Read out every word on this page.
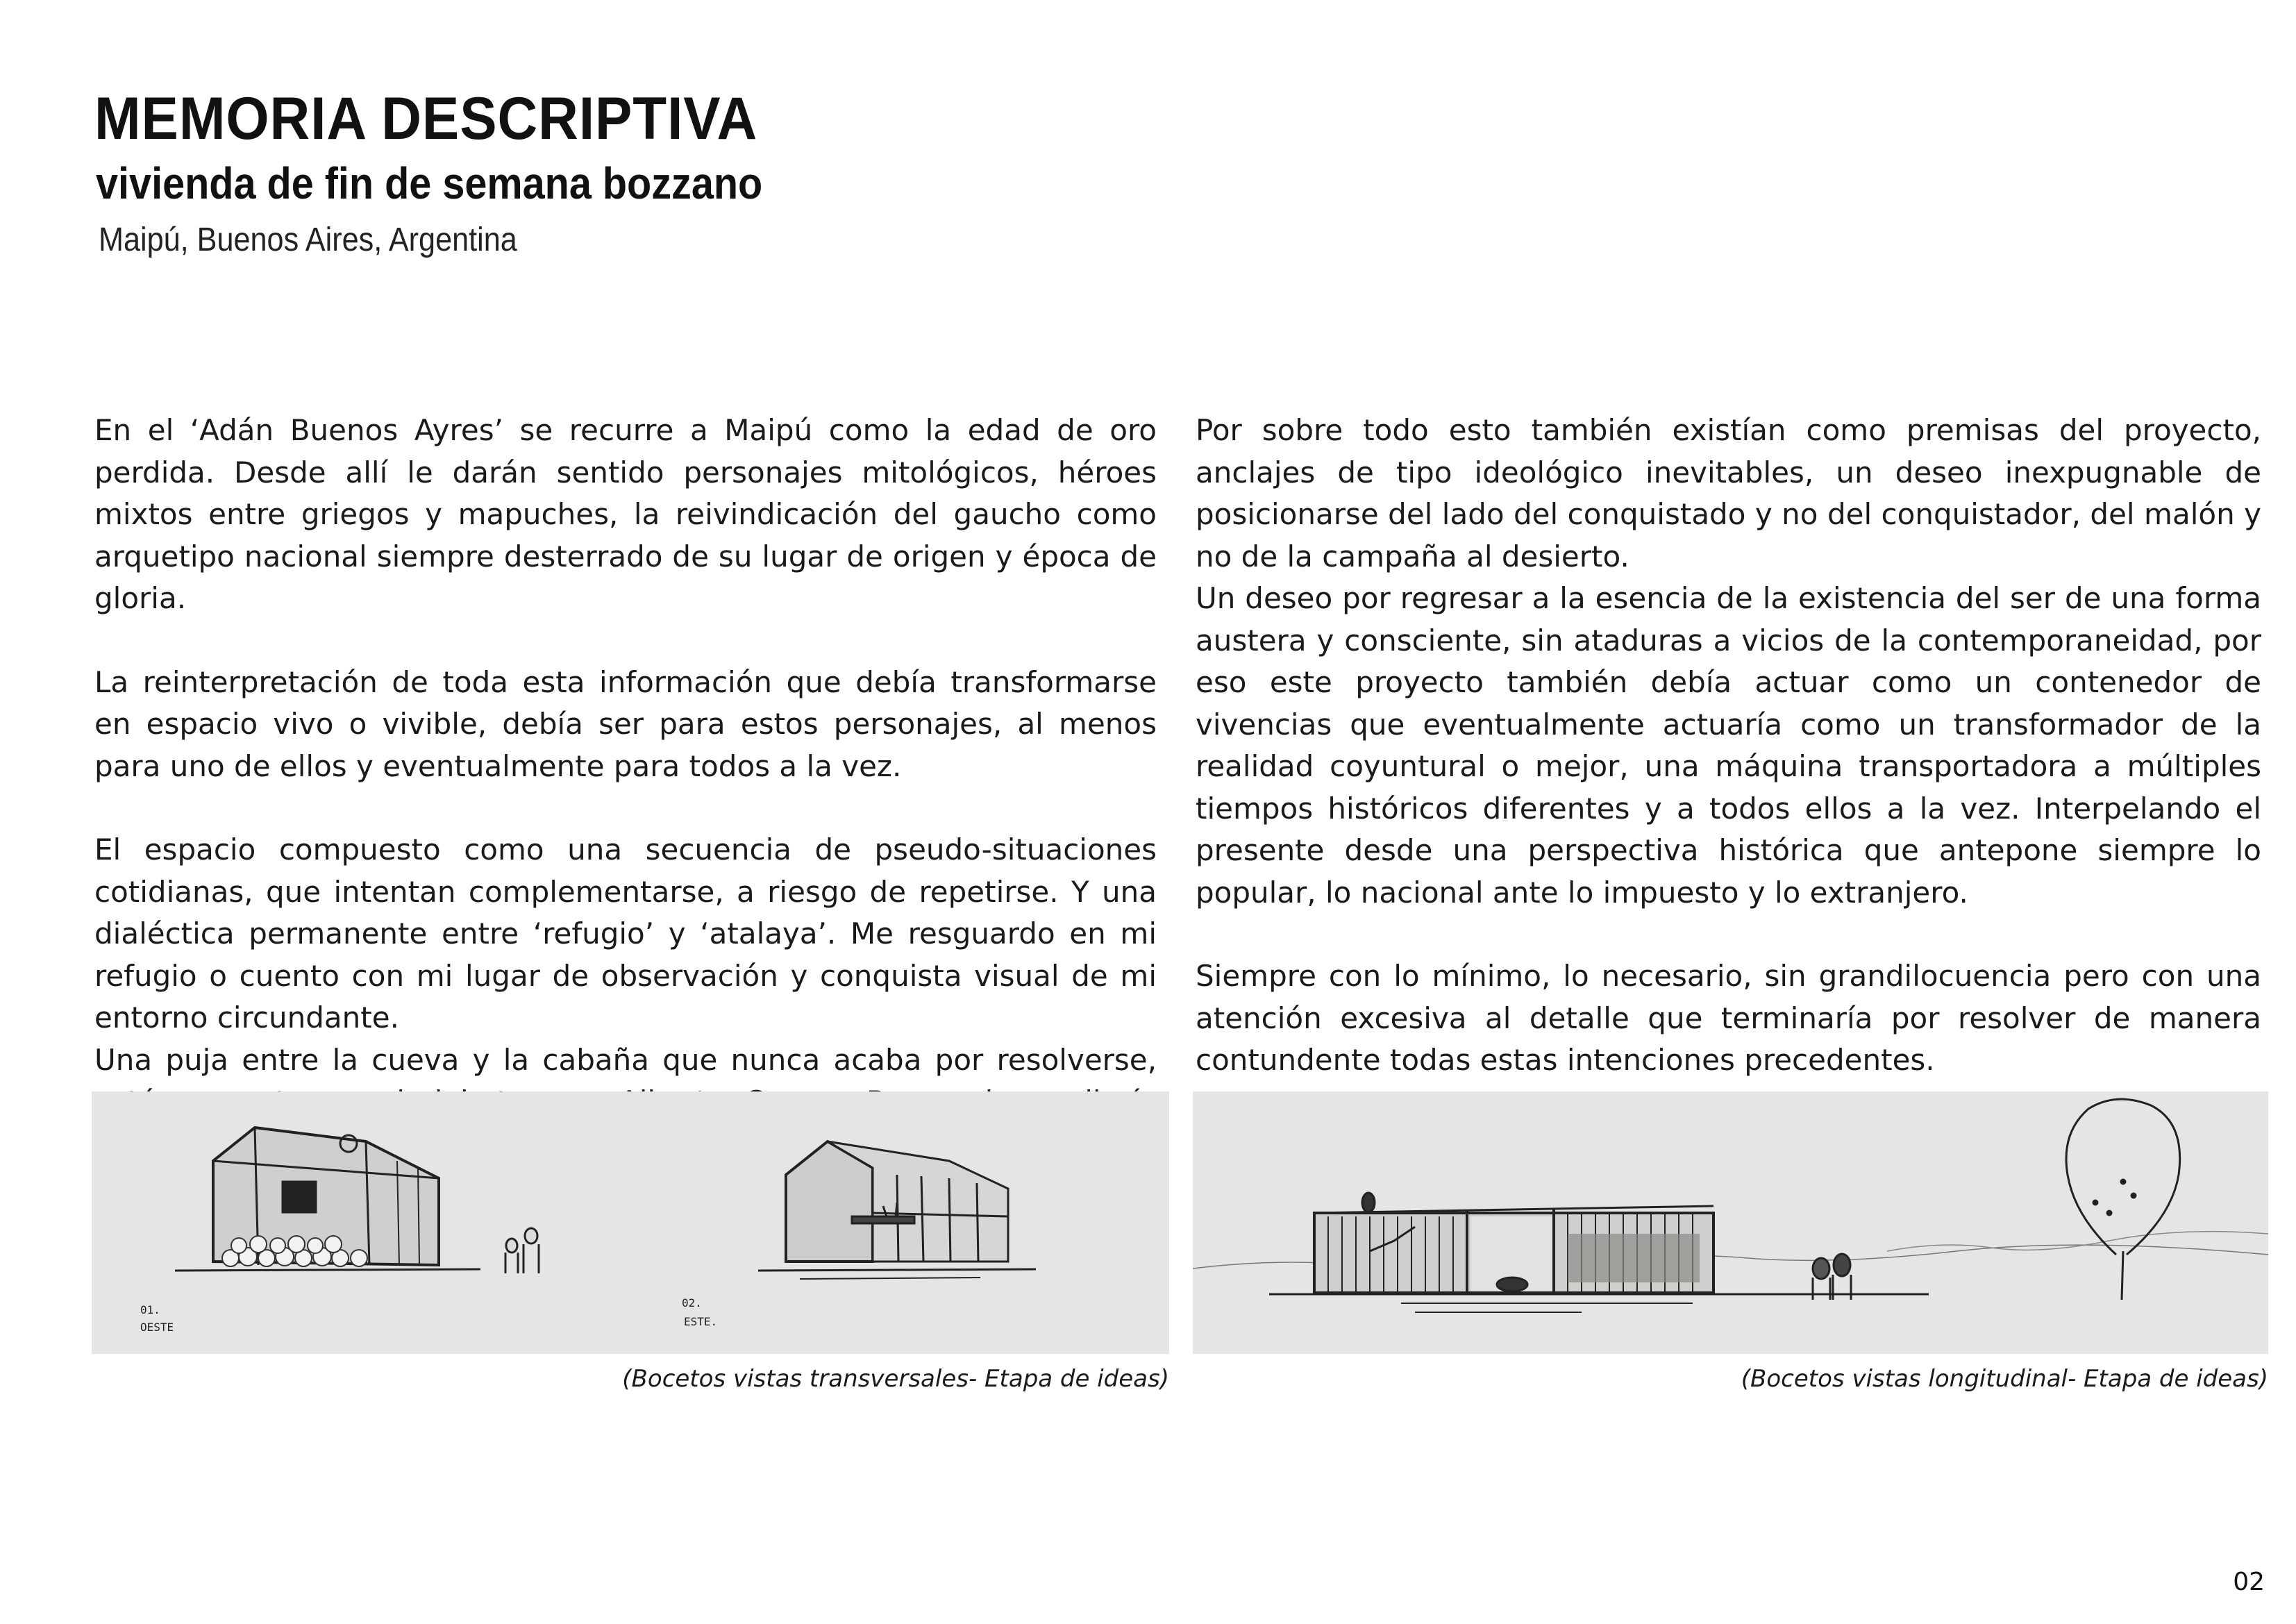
MEMORIA DESCRIPTIVA
vivienda de fin de semana bozzano
Maipú, Buenos Aires, Argentina

En el ‘Adán Buenos Ayres’ se recurre a Maipú como la edad de oro perdida. Desde allí le darán sentido personajes mitológicos, héroes mixtos entre griegos y mapuches, la reivindicación del gaucho como arquetipo nacional siempre desterrado de su lugar de origen y época de gloria.

La reinterpretación de toda esta información que debía transformarse en espacio vivo o vivible, debía ser para estos personajes, al menos para uno de ellos y eventualmente para todos a la vez.

El espacio compuesto como una secuencia de pseudo-situaciones cotidianas, que intentan complementarse, a riesgo de repetirse. Y una dialéctica permanente entre ‘refugio’ y ‘atalaya’. Me resguardo en mi refugio o cuento con mi lugar de observación y conquista visual de mi entorno circundante.

Una puja entre la cueva y la cabaña que nunca acaba por resolverse,

Por sobre todo esto también existían como premisas del proyecto, anclajes de tipo ideológico inevitables, un deseo inexpugnable de posicionarse del lado del conquistado y no del conquistador, del malón y no de la campaña al desierto.

Un deseo por regresar a la esencia de la existencia del ser de una forma austera y consciente, sin ataduras a vicios de la contemporaneidad, por eso este proyecto también debía actuar como un contenedor de vivencias que eventualmente actuaría como un transformador de la realidad coyuntural o mejor, una máquina transportadora a múltiples tiempos históricos diferentes y a todos ellos a la vez. Interpelando el presente desde una perspectiva histórica que antepone siempre lo popular, lo nacional ante lo impuesto y lo extranjero.

Siempre con lo mínimo, lo necesario, sin grandilocuencia pero con una atención excesiva al detalle que terminaría por resolver de manera contundente todas estas intenciones precedentes.

01.
OESTE
02.
ESTE.
(Bocetos vistas transversales- Etapa de ideas)	(Bocetos vistas longitudinal- Etapa de ideas)
02
